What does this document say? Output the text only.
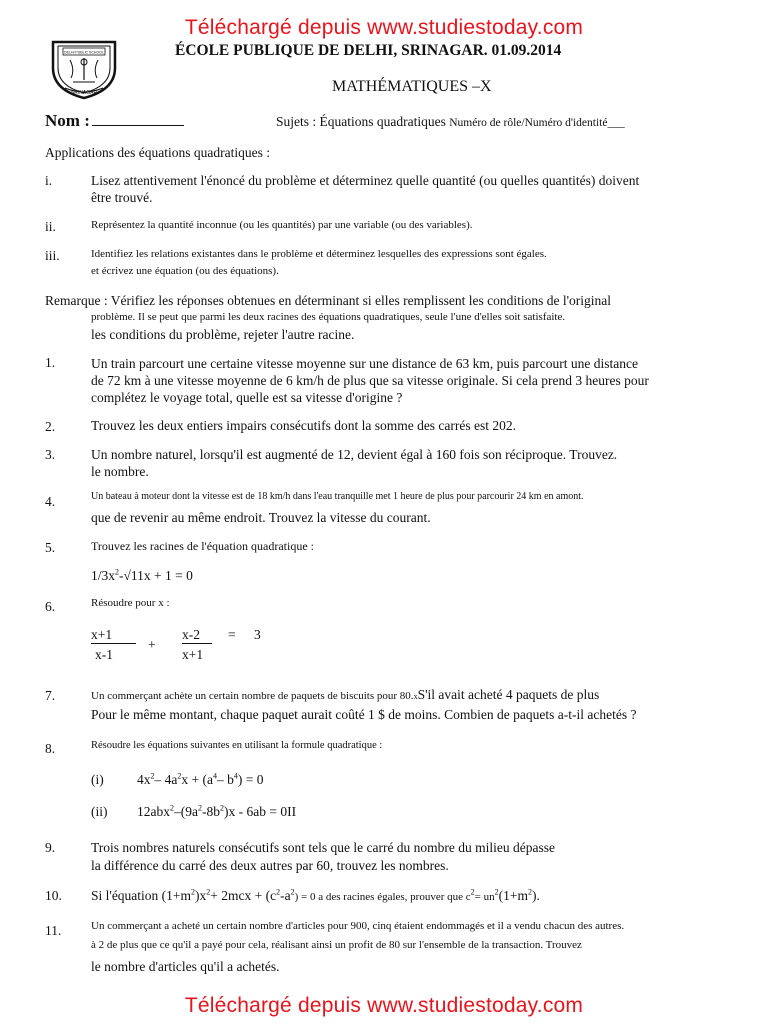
Téléchargé depuis www.studiestoday.com
Téléchargé depuis www.studiestoday.com
SRINAGAR
DELHI PUBLIC SCHOOL	ÉCOLE PUBLIQUE DE DELHI, SRINAGAR. 01.09.2014
MATHÉMATIQUES –X
Nom :	Sujets : Équations quadratiques Numéro de rôle/Numéro d'identité___
Applications des équations quadratiques :
i.	Lisez attentivement l'énoncé du problème et déterminez quelle quantité (ou quelles quantités) doivent
être trouvé.
ii.	Représentez la quantité inconnue (ou les quantités) par une variable (ou des variables).
iii.	Identifiez les relations existantes dans le problème et déterminez lesquelles des expressions sont égales.
et écrivez une équation (ou des équations).
Remarque : Vérifiez les réponses obtenues en déterminant si elles remplissent les conditions de l'original
problème. Il se peut que parmi les deux racines des équations quadratiques, seule l'une d'elles soit satisfaite.
les conditions du problème, rejeter l'autre racine.
1.	Un train parcourt une certaine vitesse moyenne sur une distance de 63 km, puis parcourt une distance
de 72 km à une vitesse moyenne de 6 km/h de plus que sa vitesse originale. Si cela prend 3 heures pour
complétez le voyage total, quelle est sa vitesse d'origine ?
2.	Trouvez les deux entiers impairs consécutifs dont la somme des carrés est 202.
3.	Un nombre naturel, lorsqu'il est augmenté de 12, devient égal à 160 fois son réciproque. Trouvez.
le nombre.
4.	Un bateau à moteur dont la vitesse est de 18 km/h dans l'eau tranquille met 1 heure de plus pour parcourir 24 km en amont.
que de revenir au même endroit. Trouvez la vitesse du courant.
5.	Trouvez les racines de l'équation quadratique :
$1/3x^2-√11x + 1 = 0$
6.	Résoudre pour x :
x+1
x-1
+
x-2
x+1
= 3
7.	Un commerçant achète un certain nombre de paquets de biscuits pour 80.xS'il avait acheté 4 paquets de plus
Pour le même montant, chaque paquet aurait coûté 1 $ de moins. Combien de paquets a-t-il achetés ?
8.	Résoudre les équations suivantes en utilisant la formule quadratique :
(i) $4x^2-$ $4a^2x + (a^4-$ $b^4) = 0$
(ii) $12abx^2-(9a^2-8b^2)x - 6ab = 0II$
9.	Trois nombres naturels consécutifs sont tels que le carré du nombre du milieu dépasse
la différence du carré des deux autres par 60, trouvez les nombres.
10. Si l'équation $(1+m^2)x^2+ 2mcx + (c^2-a^2) = 0$ a des racines égales, prouver que $c^2= un^2(1+m^2)$.
11.	Un commerçant a acheté un certain nombre d'articles pour 900, cinq étaient endommagés et il a vendu chacun des autres.
à 2 de plus que ce qu'il a payé pour cela, réalisant ainsi un profit de 80 sur l'ensemble de la transaction. Trouvez
le nombre d'articles qu'il a achetés.
